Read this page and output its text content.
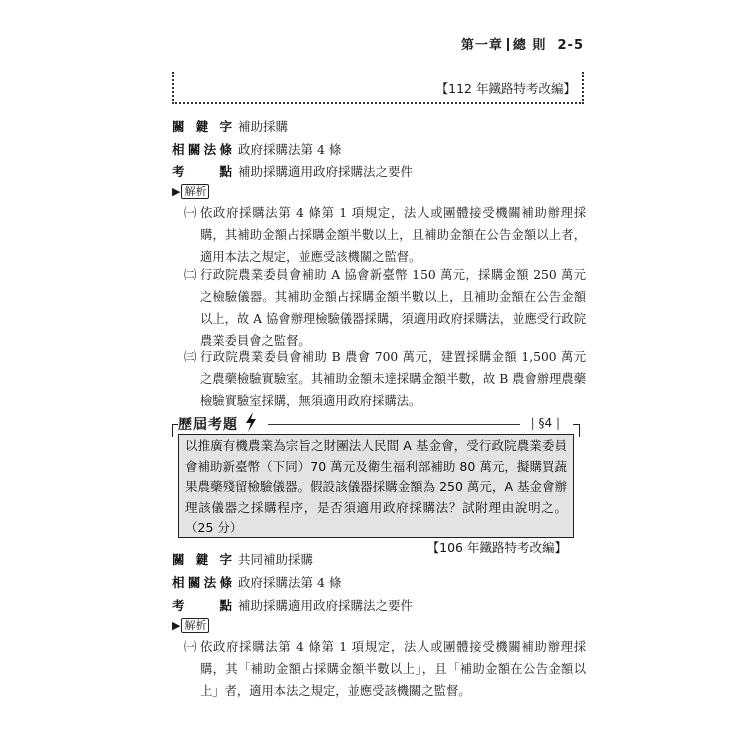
第一章 總 則 2-5
【112 年鐵路特考改編】
關鍵字 補助採購
相關法條 政府採購法第 4 條
考 點 補助採購適用政府採購法之要件
▶ 解析
㈠ 依政府採購法第 4 條第 1 項規定，法人或團體接受機關補助辦理採購，其補助金額占採購金額半數以上，且補助金額在公告金額以上者，適用本法之規定，並應受該機關之監督。
㈡ 行政院農業委員會補助 A 協會新臺幣 150 萬元，採購金額 250 萬元之檢驗儀器。其補助金額占採購金額半數以上，且補助金額在公告金額以上，故 A 協會辦理檢驗儀器採購，須適用政府採購法，並應受行政院農業委員會之監督。
㈢ 行政院農業委員會補助 B 農會 700 萬元，建置採購金額 1,500 萬元之農藥檢驗實驗室。其補助金額未達採購金額半數，故 B 農會辦理農藥檢驗實驗室採購，無須適用政府採購法。
歷屆考題	| §4 |
以推廣有機農業為宗旨之財團法人民間 A 基金會，受行政院農業委員會補助新臺幣（下同）70 萬元及衛生福利部補助 80 萬元，擬購買蔬果農藥殘留檢驗儀器。假設該儀器採購金額為 250 萬元，A 基金會辦理該儀器之採購程序，是否須適用政府採購法？試附理由說明之。（25 分）
【106 年鐵路特考改編】
關鍵字 共同補助採購
相關法條 政府採購法第 4 條
考 點 補助採購適用政府採購法之要件
▶ 解析
㈠ 依政府採購法第 4 條第 1 項規定，法人或團體接受機關補助辦理採購，其「補助金額占採購金額半數以上」，且「補助金額在公告金額以上」者，適用本法之規定，並應受該機關之監督。
